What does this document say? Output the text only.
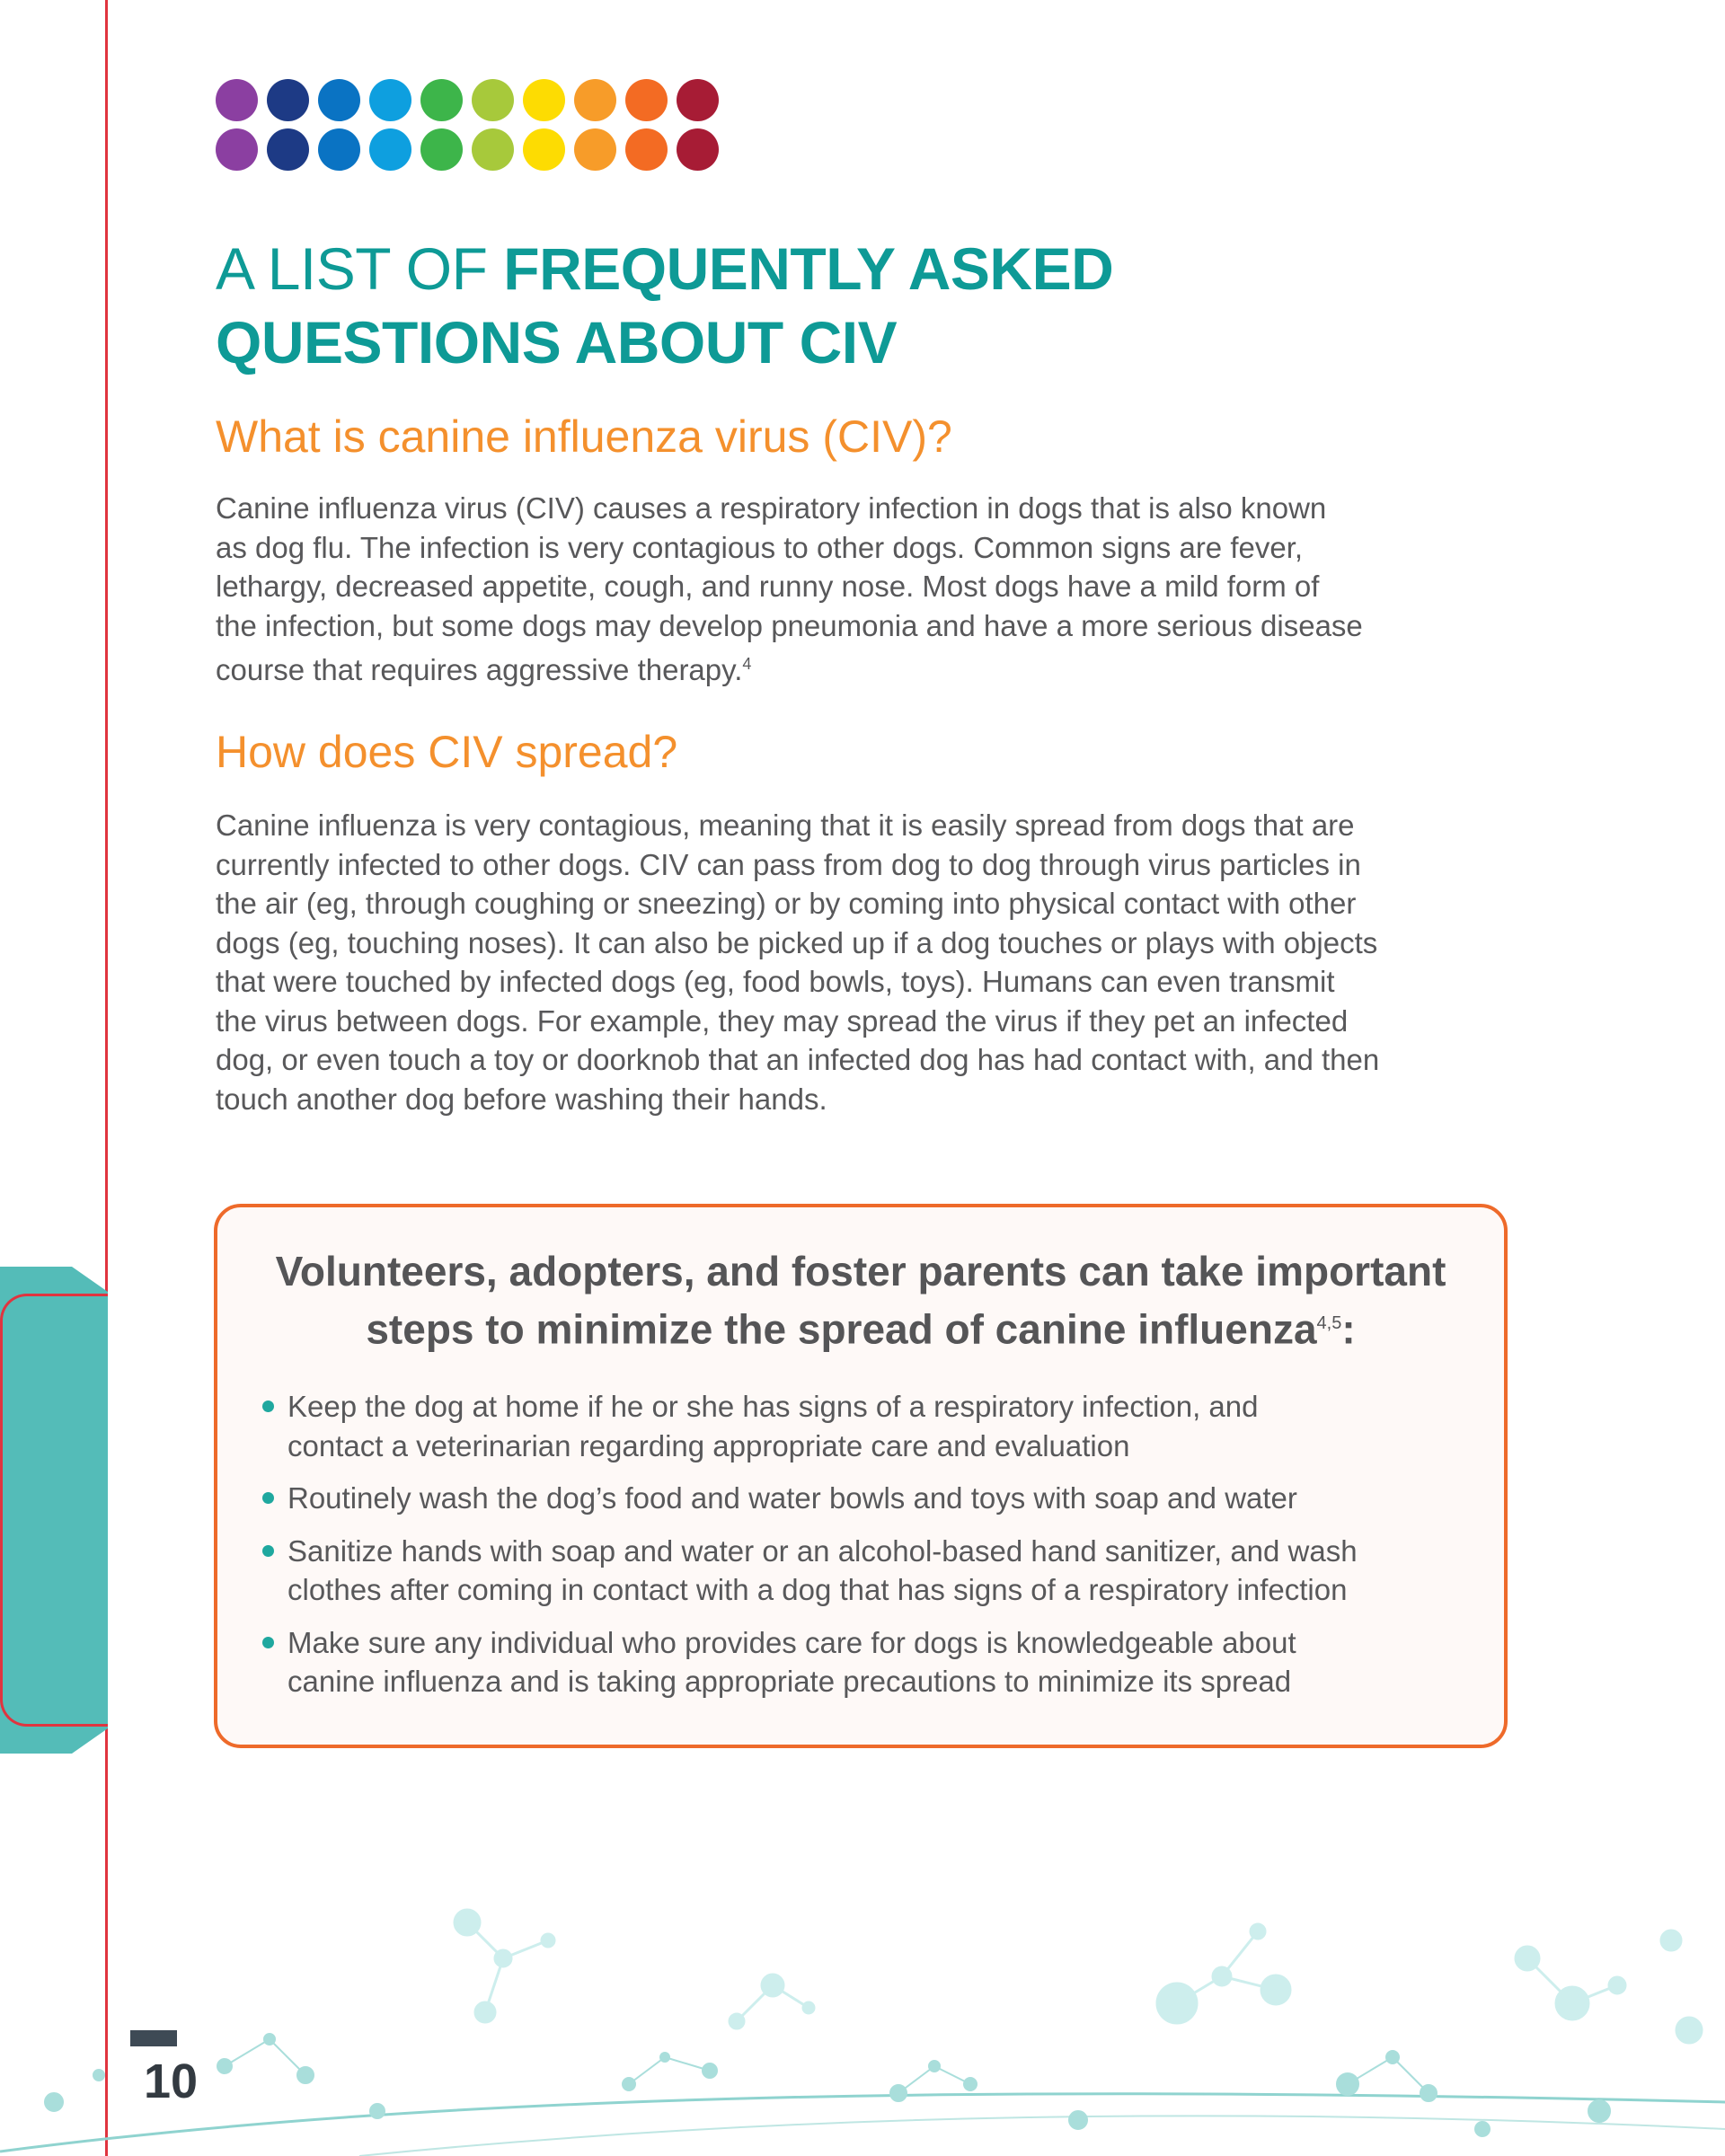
A LIST OF FREQUENTLY ASKED
QUESTIONS ABOUT CIV
What is canine influenza virus (CIV)?

Canine influenza virus (CIV) causes a respiratory infection in dogs that is also known
as dog flu. The infection is very contagious to other dogs. Common signs are fever,
lethargy, decreased appetite, cough, and runny nose. Most dogs have a mild form of
the infection, but some dogs may develop pneumonia and have a more serious disease
course that requires aggressive therapy.$^4$

How does CIV spread?

Canine influenza is very contagious, meaning that it is easily spread from dogs that are
currently infected to other dogs. CIV can pass from dog to dog through virus particles in
the air (eg, through coughing or sneezing) or by coming into physical contact with other
dogs (eg, touching noses). It can also be picked up if a dog touches or plays with objects
that were touched by infected dogs (eg, food bowls, toys). Humans can even transmit
the virus between dogs. For example, they may spread the virus if they pet an infected
dog, or even touch a toy or doorknob that an infected dog has had contact with, and then
touch another dog before washing their hands.

Volunteers, adopters, and foster parents can take important
steps to minimize the spread of canine influenza$^{4,5}$:
Keep the dog at home if he or she has signs of a respiratory infection, and
contact a veterinarian regarding appropriate care and evaluation
Routinely wash the dog’s food and water bowls and toys with soap and water
Sanitize hands with soap and water or an alcohol-based hand sanitizer, and wash
clothes after coming in contact with a dog that has signs of a respiratory infection
Make sure any individual who provides care for dogs is knowledgeable about
canine influenza and is taking appropriate precautions to minimize its spread
10
